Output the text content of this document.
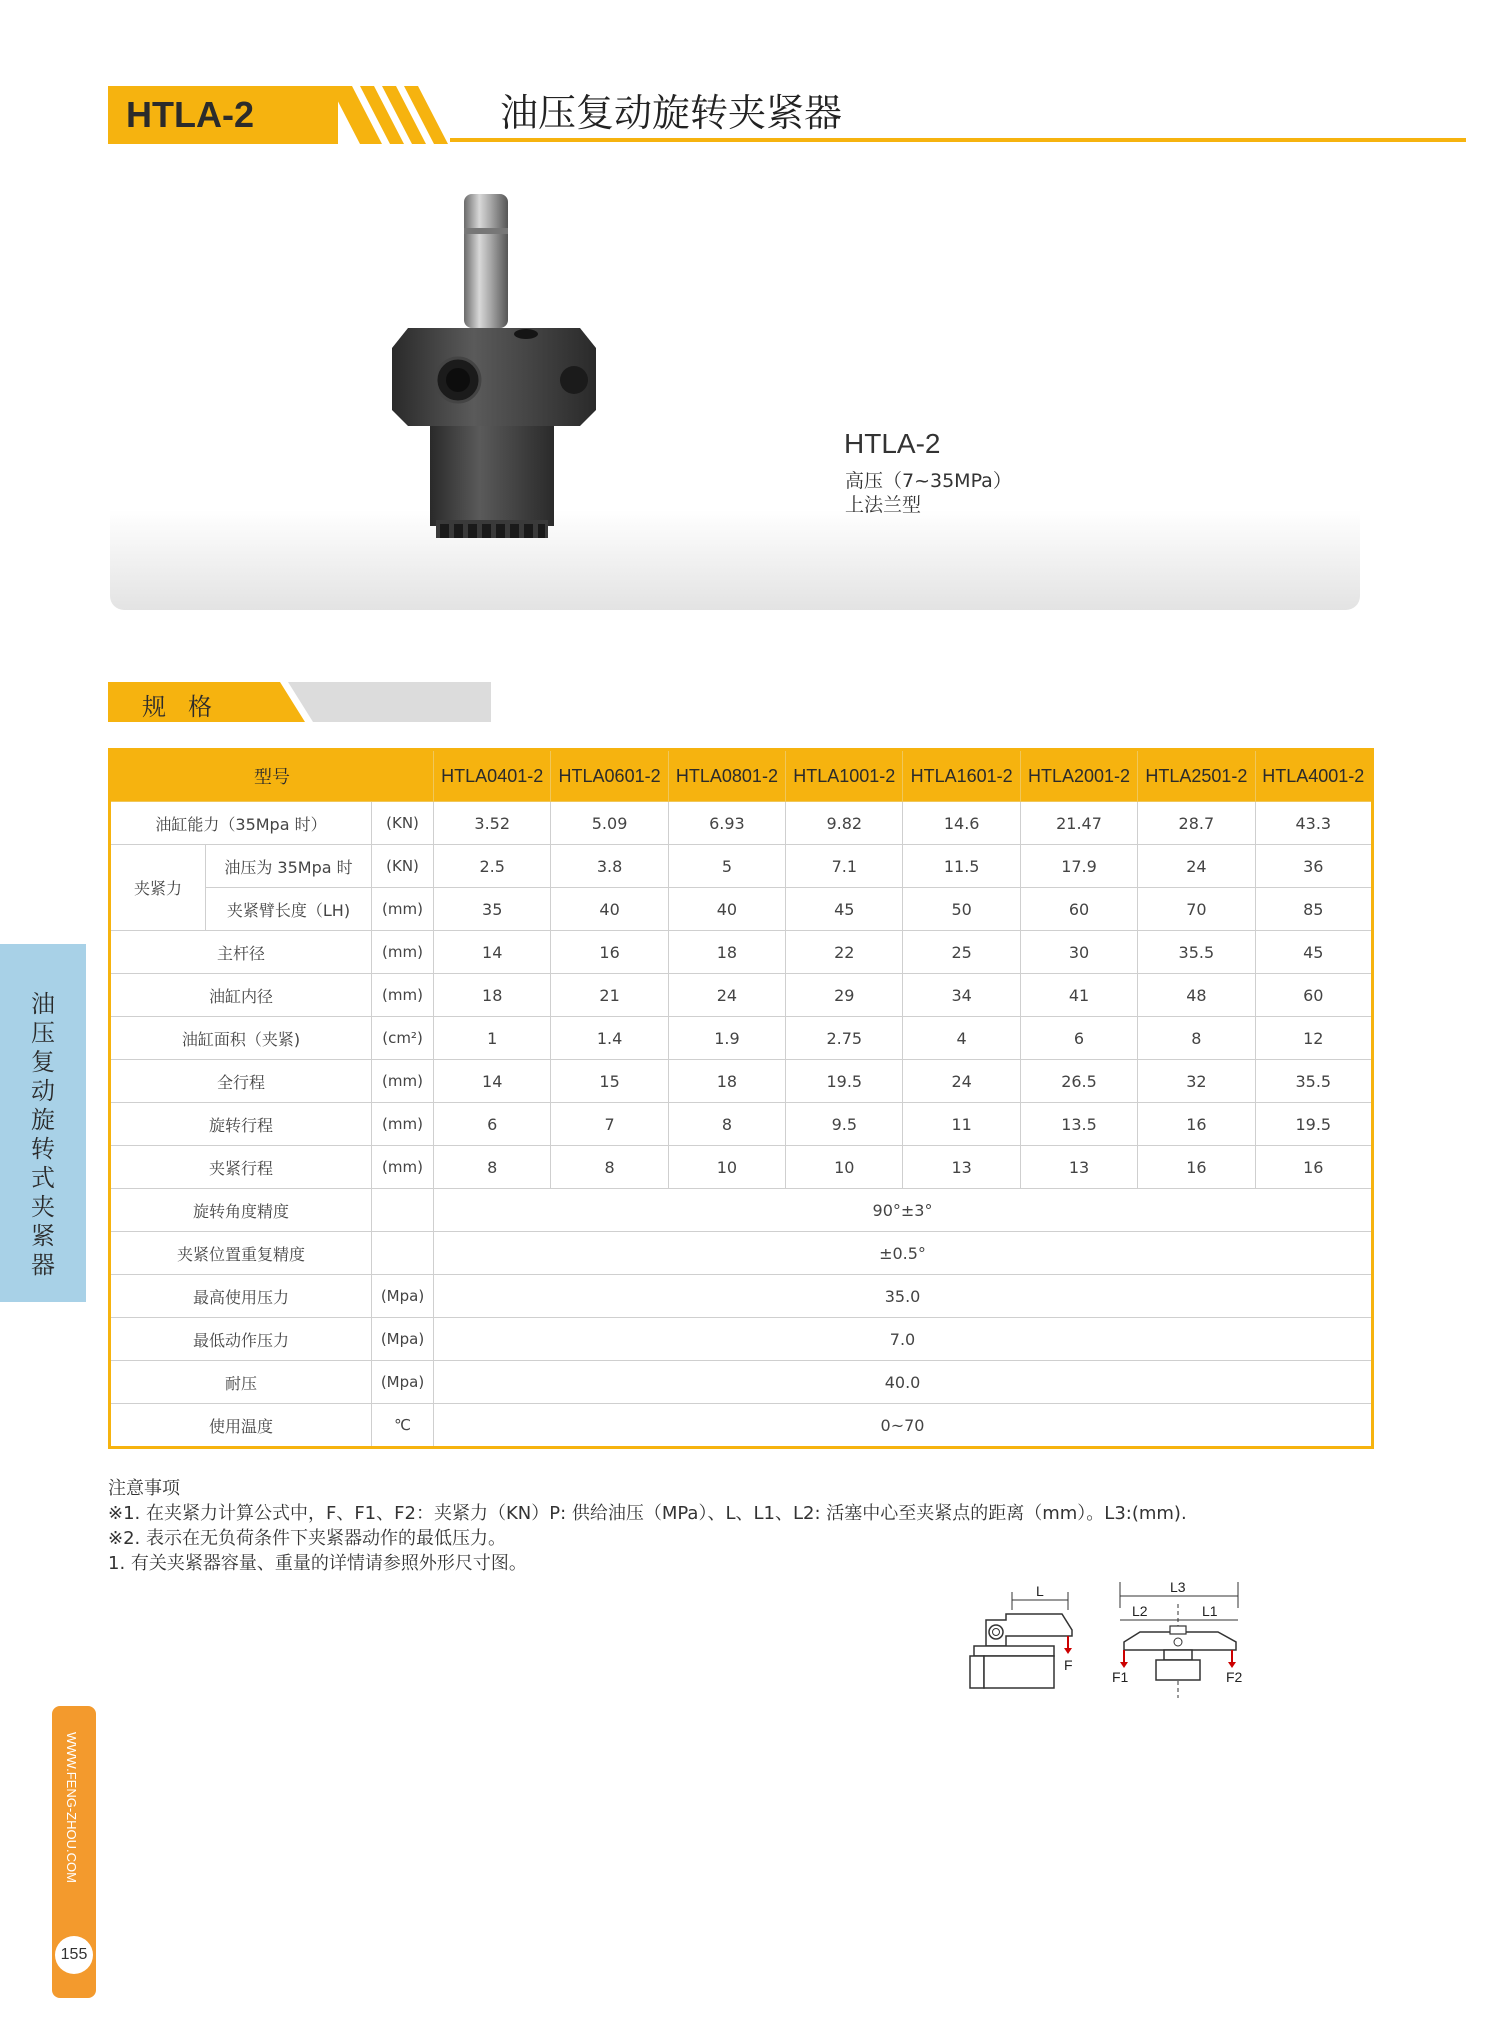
HTLA-2	油压复动旋转夹紧器
HTLA-2
高压（7~35MPa）
上法兰型
规格
型号			HTLA0401-2	HTLA0601-2	HTLA0801-2	HTLA1001-2	HTLA1601-2	HTLA2001-2	HTLA2501-2	HTLA4001-2
油缸能力（35Mpa 时）		(KN)	3.52	5.09	6.93	9.82	14.6	21.47	28.7	43.3
夹紧力	油压为 35Mpa 时	(KN)	2.5	3.8	5	7.1	11.5	17.9	24	36
	夹紧臂长度（LH)	(mm)	35	40	40	45	50	60	70	85
主杆径		(mm)	14	16	18	22	25	30	35.5	45
油缸内径		(mm)	18	21	24	29	34	41	48	60
油缸面积（夹紧)		(cm²)	1	1.4	1.9	2.75	4	6	8	12
全行程		(mm)	14	15	18	19.5	24	26.5	32	35.5
旋转行程		(mm)	6	7	8	9.5	11	13.5	16	19.5
夹紧行程		(mm)	8	8	10	10	13	13	16	16
旋转角度精度			90°±3°							
夹紧位置重复精度			±0.5°							
最高使用压力		(Mpa)	35.0							
最低动作压力		(Mpa)	7.0							
耐压		(Mpa)	40.0							
使用温度		℃	0~70							
注意事项
※1. 在夹紧力计算公式中，F、F1、F2：夹紧力（KN）P: 供给油压（MPa）、L、L1、L2: 活塞中心至夹紧点的距离（mm）。L3:(mm).
※2. 表示在无负荷条件下夹紧器动作的最低压力。
1. 有关夹紧器容量、重量的详情请参照外形尺寸图。
L
F
L3
L2	L1
F1	F2
油压复动旋转式夹紧器
WWW.FENG-ZHOU.COM
155
